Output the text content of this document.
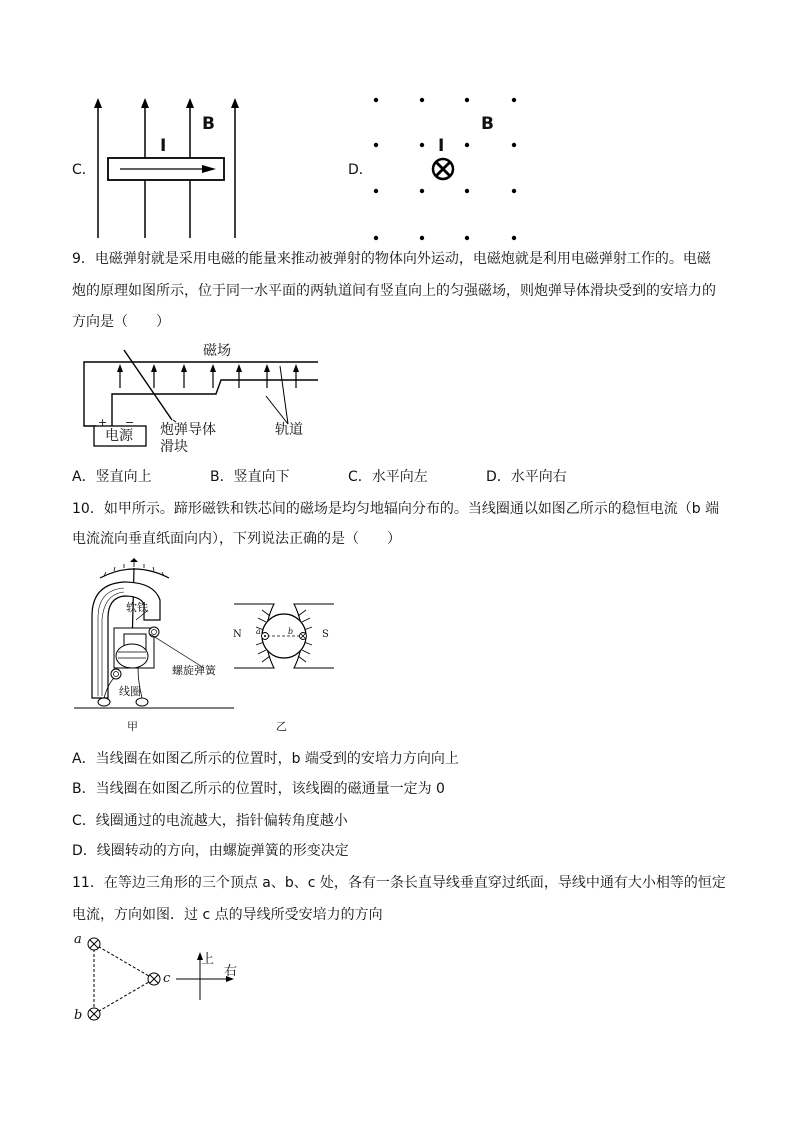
C．
B
I
D．
B
I
9．电磁弹射就是采用电磁的能量来推动被弹射的物体向外运动，电磁炮就是利用电磁弹射工作的。电磁
炮的原理如图所示，位于同一水平面的两轨道间有竖直向上的匀强磁场，则炮弹导体滑块受到的安培力的
方向是（　　）
磁场
+ −
电源 炮弹导体
滑块
轨道
A．竖直向上	B．竖直向下	C．水平向左	D．水平向右
10．如甲所示。蹄形磁铁和铁芯间的磁场是均匀地辐向分布的。当线圈通以如图乙所示的稳恒电流（b 端
电流流向垂直纸面向内），下列说法正确的是（　　）
软铁
螺旋弹簧
线圈
甲
N	S
a	b
乙
A．当线圈在如图乙所示的位置时，b 端受到的安培力方向向上
B．当线圈在如图乙所示的位置时，该线圈的磁通量一定为 0
C．线圈通过的电流越大，指针偏转角度越小
D．线圈转动的方向，由螺旋弹簧的形变决定
11．在等边三角形的三个顶点 a、b、c 处，各有一条长直导线垂直穿过纸面，导线中通有大小相等的恒定
电流，方向如图．过 c 点的导线所受安培力的方向
a
b
c
上
右
